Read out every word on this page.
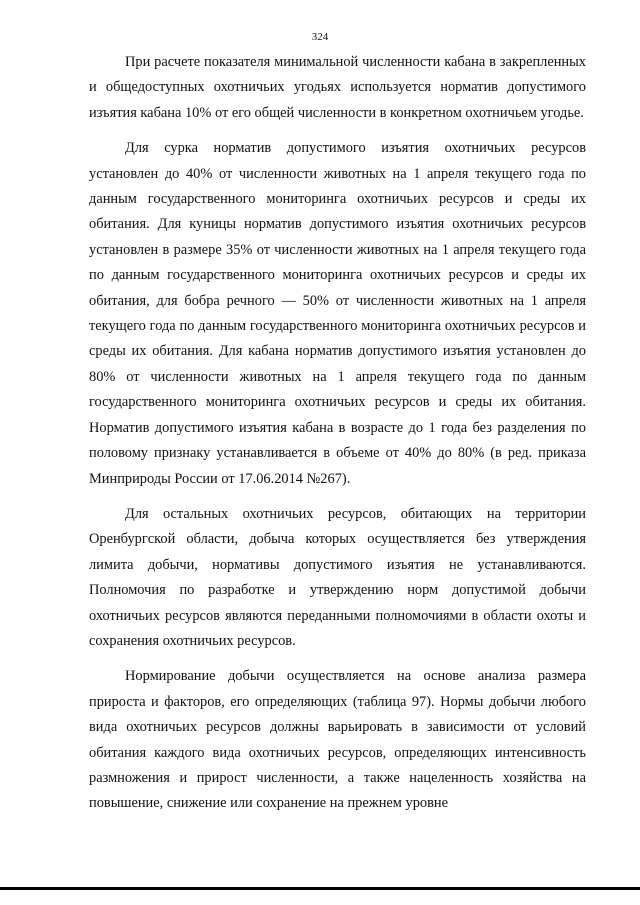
324

При расчете показателя минимальной численности кабана в закрепленных и общедоступных охотничьих угодьях используется норматив допустимого изъятия кабана 10% от его общей численности в конкретном охотничьем угодье.

Для сурка норматив допустимого изъятия охотничьих ресурсов установлен до 40% от численности животных на 1 апреля текущего года по данным государственного мониторинга охотничьих ресурсов и среды их обитания. Для куницы норматив допустимого изъятия охотничьих ресурсов установлен в размере 35% от численности животных на 1 апреля текущего года по данным государственного мониторинга охотничьих ресурсов и среды их обитания, для бобра речного — 50% от численности животных на 1 апреля текущего года по данным государственного мониторинга охотничьих ресурсов и среды их обитания. Для кабана норматив допустимого изъятия установлен до 80% от численности животных на 1 апреля текущего года по данным государственного мониторинга охотничьих ресурсов и среды их обитания. Норматив допустимого изъятия кабана в возрасте до 1 года без разделения по половому признаку устанавливается в объеме от 40% до 80% (в ред. приказа Минприроды России от 17.06.2014 №267).

Для остальных охотничьих ресурсов, обитающих на территории Оренбургской области, добыча которых осуществляется без утверждения лимита добычи, нормативы допустимого изъятия не устанавливаются. Полномочия по разработке и утверждению норм допустимой добычи охотничьих ресурсов являются переданными полномочиями в области охоты и сохранения охотничьих ресурсов.

Нормирование добычи осуществляется на основе анализа размера прироста и факторов, его определяющих (таблица 97). Нормы добычи любого вида охотничьих ресурсов должны варьировать в зависимости от условий обитания каждого вида охотничьих ресурсов, определяющих интенсивность размножения и прирост численности, а также нацеленность хозяйства на повышение, снижение или сохранение на прежнем уровне
